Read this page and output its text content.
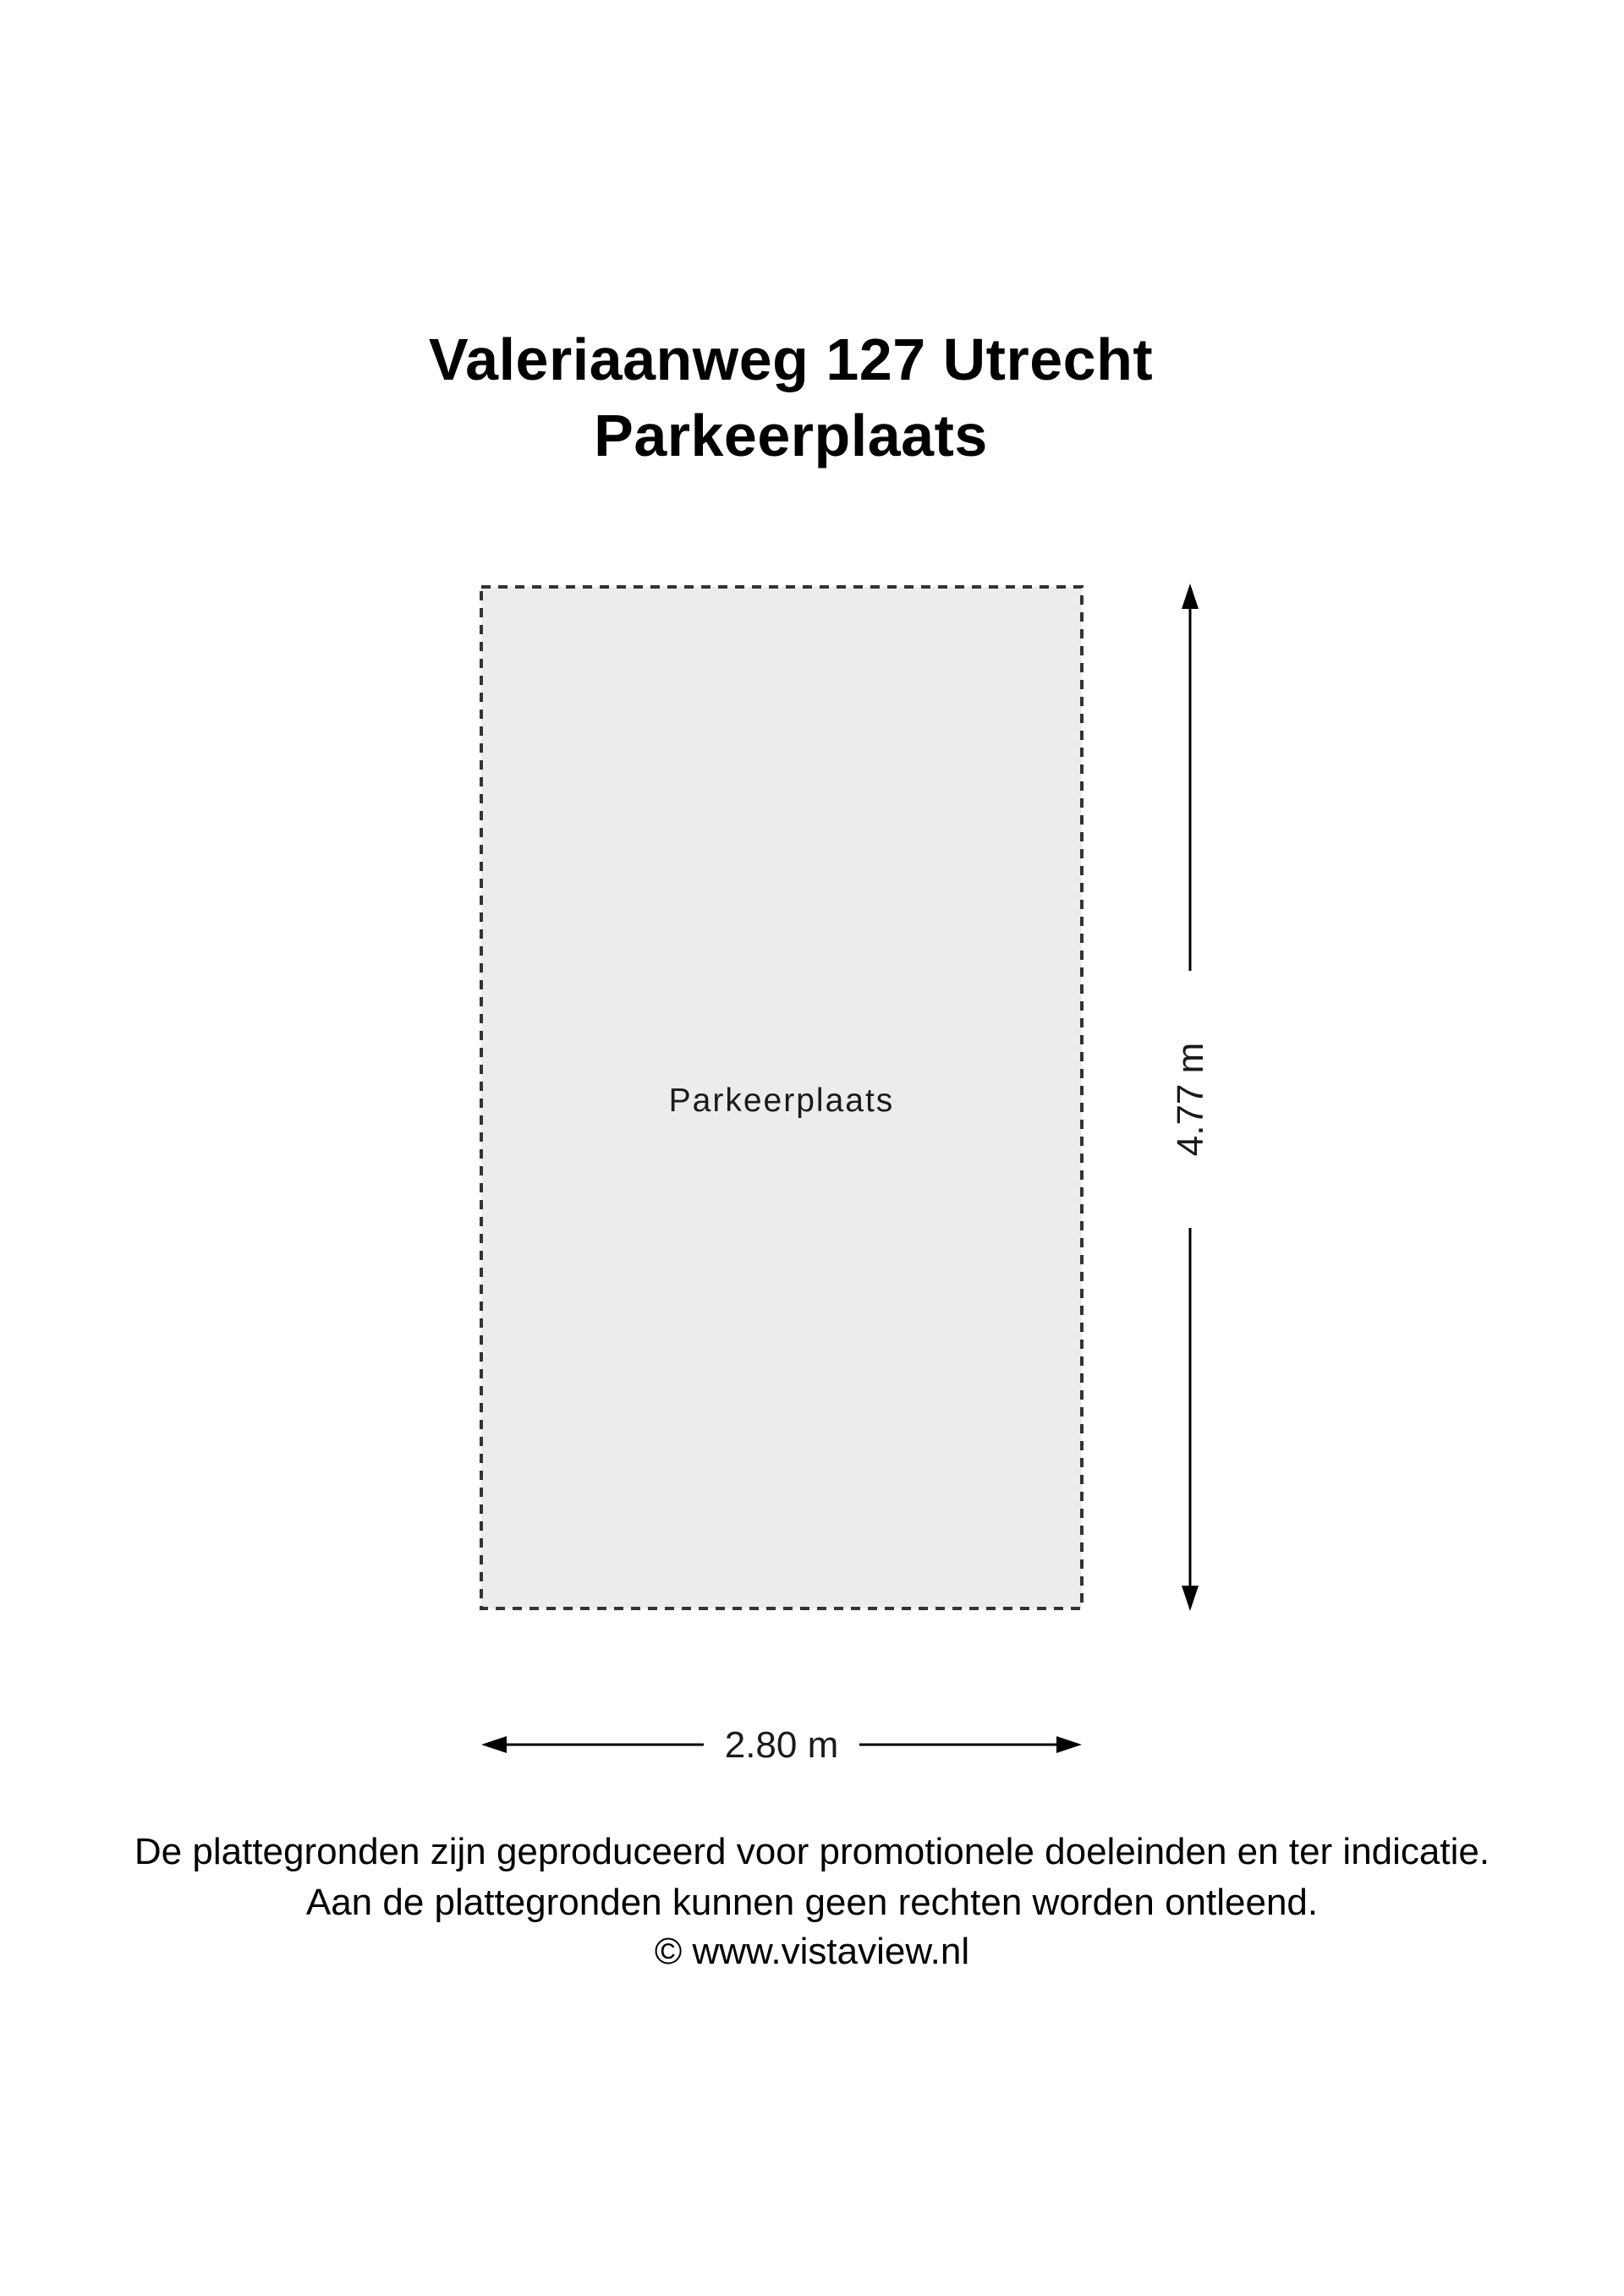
Valeriaanweg 127 Utrecht
Parkeerplaats
Parkeerplaats	4.77 m
2.80 m
De plattegronden zijn geproduceerd voor promotionele doeleinden en ter indicatie.
Aan de plattegronden kunnen geen rechten worden ontleend.
© www.vistaview.nl
